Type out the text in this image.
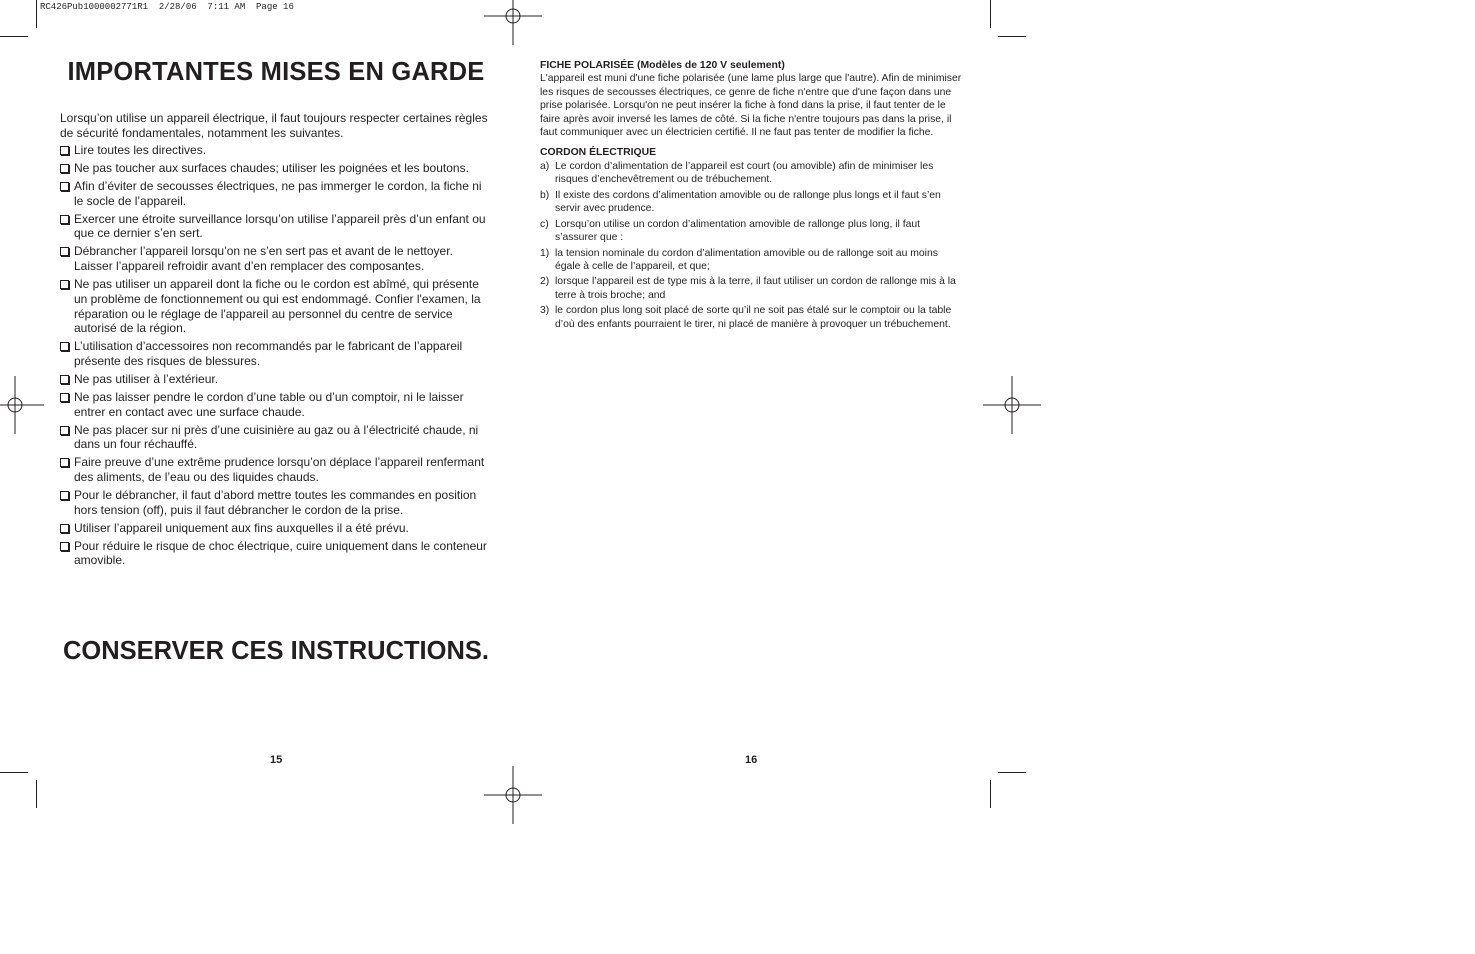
RC426Pub1000002771R1  2/28/06  7:11 AM  Page 16
IMPORTANTES MISES EN GARDE

Lorsqu’on utilise un appareil électrique, il faut toujours respecter certaines règles de sécurité fondamentales, notamment les suivantes.

Lire toutes les directives.
Ne pas toucher aux surfaces chaudes; utiliser les poignées et les boutons.
Afin d’éviter de secousses électriques, ne pas immerger le cordon, la fiche ni le socle de l’appareil.
Exercer une étroite surveillance lorsqu’on utilise l’appareil près d’un enfant ou que ce dernier s’en sert.
Débrancher l’appareil lorsqu’on ne s’en sert pas et avant de le nettoyer. Laisser l’appareil refroidir avant d’en remplacer des composantes.
Ne pas utiliser un appareil dont la fiche ou le cordon est abîmé, qui présente un problème de fonctionnement ou qui est endommagé. Confier l'examen, la réparation ou le réglage de l'appareil au personnel du centre de service autorisé de la région.
L’utilisation d’accessoires non recommandés par le fabricant de l’appareil présente des risques de blessures.
Ne pas utiliser à l’extérieur.
Ne pas laisser pendre le cordon d’une table ou d’un comptoir, ni le laisser entrer en contact avec une surface chaude.
Ne pas placer sur ni près d’une cuisinière au gaz ou à l’électricité chaude, ni dans un four réchauffé.
Faire preuve d’une extrême prudence lorsqu’on déplace l’appareil renfermant des aliments, de l’eau ou des liquides chauds.
Pour le débrancher, il faut d’abord mettre toutes les commandes en position hors tension (off), puis il faut débrancher le cordon de la prise.
Utiliser l’appareil uniquement aux fins auxquelles il a été prévu.
Pour réduire le risque de choc électrique, cuire uniquement dans le conteneur amovible.
CONSERVER CES INSTRUCTIONS.
15
FICHE POLARISÉE (Modèles de 120 V seulement)

L'appareil est muni d'une fiche polarisée (une lame plus large que l'autre). Afin de minimiser les risques de secousses électriques, ce genre de fiche n'entre que d'une façon dans une prise polarisée. Lorsqu'on ne peut insérer la fiche à fond dans la prise, il faut tenter de le faire après avoir inversé les lames de côté. Si la fiche n'entre toujours pas dans la prise, il faut communiquer avec un électricien certifié. Il ne faut pas tenter de modifier la fiche.

CORDON ÉLECTRIQUE
a) Le cordon d’alimentation de l’appareil est court (ou amovible) afin de minimiser les risques d’enchevêtrement ou de trébuchement.
b) Il existe des cordons d’alimentation amovible ou de rallonge plus longs et il faut s’en servir avec prudence.
c) Lorsqu’on utilise un cordon d’alimentation amovible de rallonge plus long, il faut s’assurer que :
1) la tension nominale du cordon d’alimentation amovible ou de rallonge soit au moins égale à celle de l’appareil, et que;
2) lorsque l’appareil est de type mis à la terre, il faut utiliser un cordon de rallonge mis à la terre à trois broche; and
3) le cordon plus long soit placé de sorte qu’il ne soit pas étalé sur le comptoir ou la table d’où des enfants pourraient le tirer, ni placé de manière à provoquer un trébuchement.
16
